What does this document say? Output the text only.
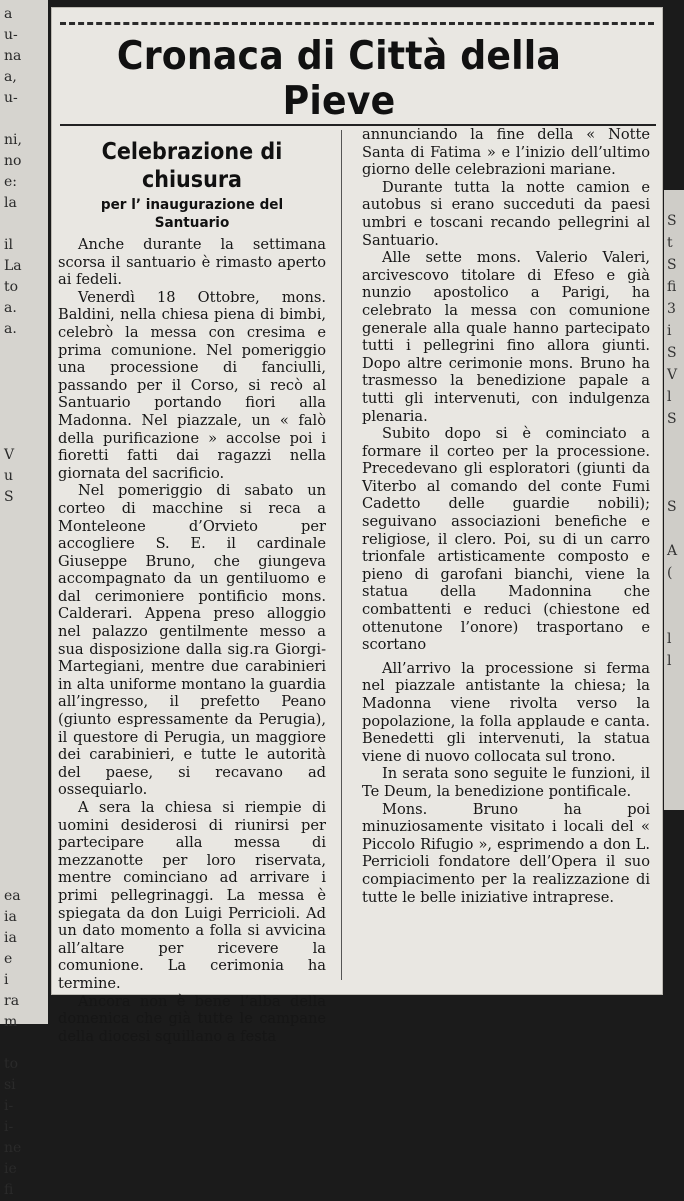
a
u-
na
a,
u-

ni,
no
e:
la

il
La
to
a.
a.

V
u
S

ea
ia
ia
e
i
ra
m

to
si
i-
i-
ne
ie
fi
S
t
S
fi
3
i
S
V
l
S

S

A
(

l
l

Cronaca di Città della Pieve
Celebrazione di chiusura
per l’ inaugurazione del Santuario

Anche durante la settimana scorsa il santuario è rimasto aperto ai fedeli.

Venerdì 18 Ottobre, mons. Baldini, nella chiesa piena di bimbi, celebrò la messa con cresima e prima comunione. Nel pomeriggio una processione di fanciulli, passando per il Corso, si recò al Santuario portando fiori alla Madonna. Nel piazzale, un « falò della purificazione » accolse poi i fioretti fatti dai ragazzi nella giornata del sacrificio.

Nel pomeriggio di sabato un corteo di macchine si reca a Monteleone d’Orvieto per accogliere S. E. il cardinale Giuseppe Bruno, che giungeva accompagnato da un gentiluomo e dal cerimoniere pontificio mons. Calderari. Appena preso alloggio nel palazzo gentilmente messo a sua disposizione dalla sig.ra Giorgi-Martegiani, mentre due carabinieri in alta uniforme montano la guardia all’ingresso, il prefetto Peano (giunto espressamente da Perugia), il questore di Perugia, un maggiore dei carabinieri, e tutte le autorità del paese, si recavano ad ossequiarlo.

A sera la chiesa si riempie di uomini desiderosi di riunirsi per partecipare alla messa di mezzanotte per loro riservata, mentre cominciano ad arrivare i primi pellegrinaggi. La messa è spiegata da don Luigi Perricioli. Ad un dato momento a folla si avvicina all’altare per ricevere la comunione. La cerimonia ha termine.

Ancora non è bene l’alba della domenica che già tutte le campane della diocesi squillano a festa

annunciando la fine della « Notte Santa di Fatima » e l’inizio dell’ultimo giorno delle celebrazioni mariane.

Durante tutta la notte camion e autobus si erano succeduti da paesi umbri e toscani recando pellegrini al Santuario.

Alle sette mons. Valerio Valeri, arcivescovo titolare di Efeso e già nunzio apostolico a Parigi, ha celebrato la messa con comunione generale alla quale hanno partecipato tutti i pellegrini fino allora giunti. Dopo altre cerimonie mons. Bruno ha trasmesso la benedizione papale a tutti gli intervenuti, con indulgenza plenaria.

Subito dopo si è cominciato a formare il corteo per la processione. Precedevano gli esploratori (giunti da Viterbo al comando del conte Fumi Cadetto delle guardie nobili); seguivano associazioni benefiche e religiose, il clero. Poi, su di un carro trionfale artisticamente composto e pieno di garofani bianchi, viene la statua della Madonnina che combattenti e reduci (chiestone ed ottenutone l’onore) trasportano e scortano

All’arrivo la processione si ferma nel piazzale antistante la chiesa; la Madonna viene rivolta verso la popolazione, la folla applaude e canta. Benedetti gli intervenuti, la statua viene di nuovo collocata sul trono.

In serata sono seguite le funzioni, il Te Deum, la benedizione pontificale.

Mons. Bruno ha poi minuziosamente visitato i locali del « Piccolo Rifugio », esprimendo a don L. Perricioli fondatore dell’Opera il suo compiacimento per la realizzazione di tutte le belle iniziative intraprese.
